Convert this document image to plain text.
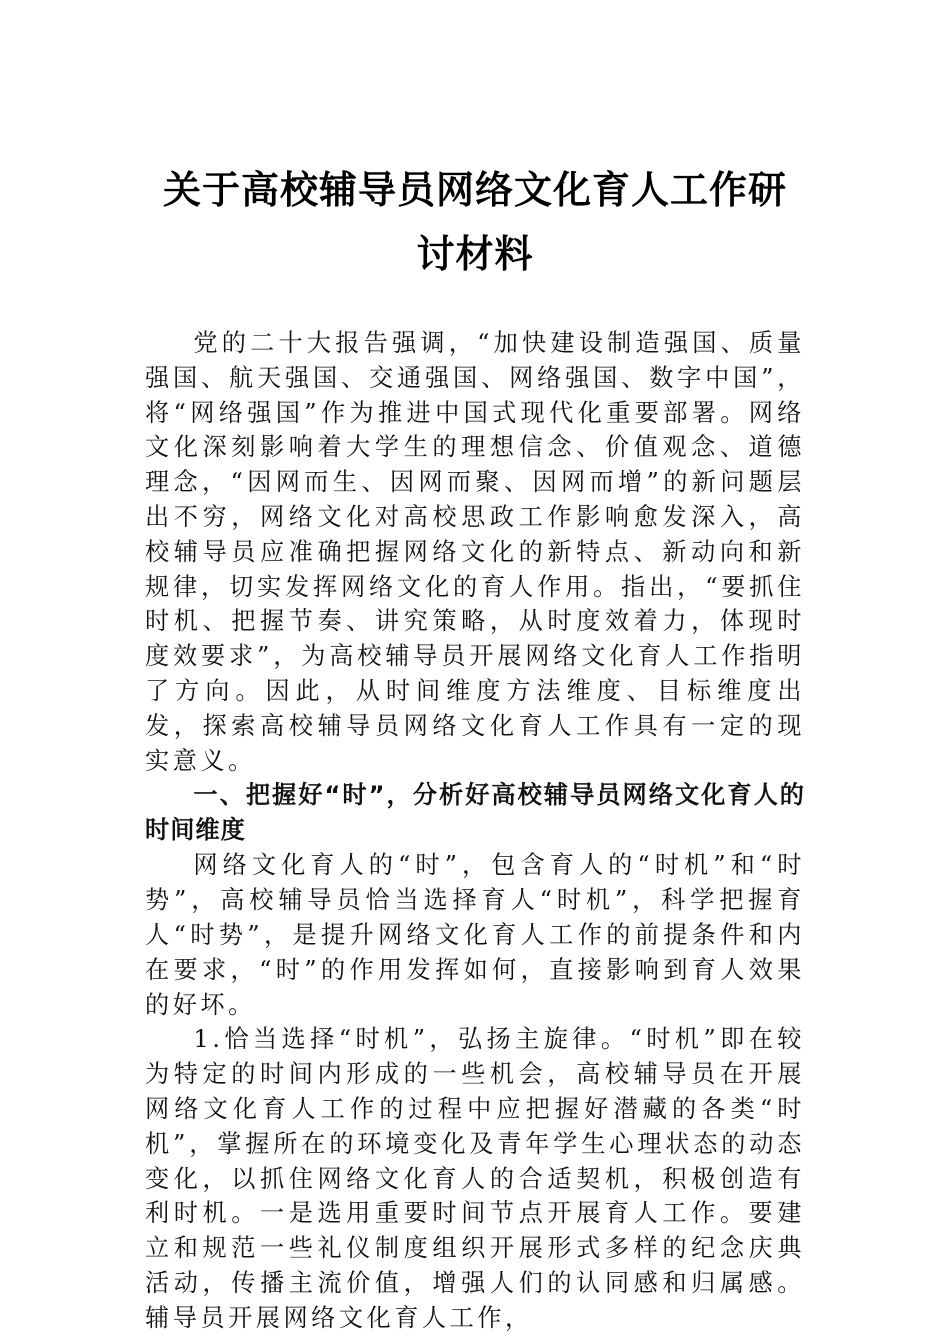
关于高校辅导员网络文化育人工作研讨材料

党的二十大报告强调，“加快建设制造强国、质量强国、航天强国、交通强国、网络强国、数字中国”，将“网络强国”作为推进中国式现代化重要部署。网络文化深刻影响着大学生的理想信念、价值观念、道德理念，“因网而生、因网而聚、因网而增”的新问题层出不穷，网络文化对高校思政工作影响愈发深入，高校辅导员应准确把握网络文化的新特点、新动向和新规律，切实发挥网络文化的育人作用。指出，“要抓住时机、把握节奏、讲究策略，从时度效着力，体现时度效要求”，为高校辅导员开展网络文化育人工作指明了方向。因此，从时间维度方法维度、目标维度出发，探索高校辅导员网络文化育人工作具有一定的现实意义。

一、把握好“时”，分析好高校辅导员网络文化育人的时间维度

网络文化育人的“时”，包含育人的“时机”和“时势”，高校辅导员恰当选择育人“时机”，科学把握育人“时势”，是提升网络文化育人工作的前提条件和内在要求，“时”的作用发挥如何，直接影响到育人效果的好坏。

1.恰当选择“时机”，弘扬主旋律。“时机”即在较为特定的时间内形成的一些机会，高校辅导员在开展网络文化育人工作的过程中应把握好潜藏的各类“时机”，掌握所在的环境变化及青年学生心理状态的动态变化，以抓住网络文化育人的合适契机，积极创造有利时机。一是选用重要时间节点开展育人工作。要建立和规范一些礼仪制度组织开展形式多样的纪念庆典活动，传播主流价值，增强人们的认同感和归属感。辅导员开展网络文化育人工作，
